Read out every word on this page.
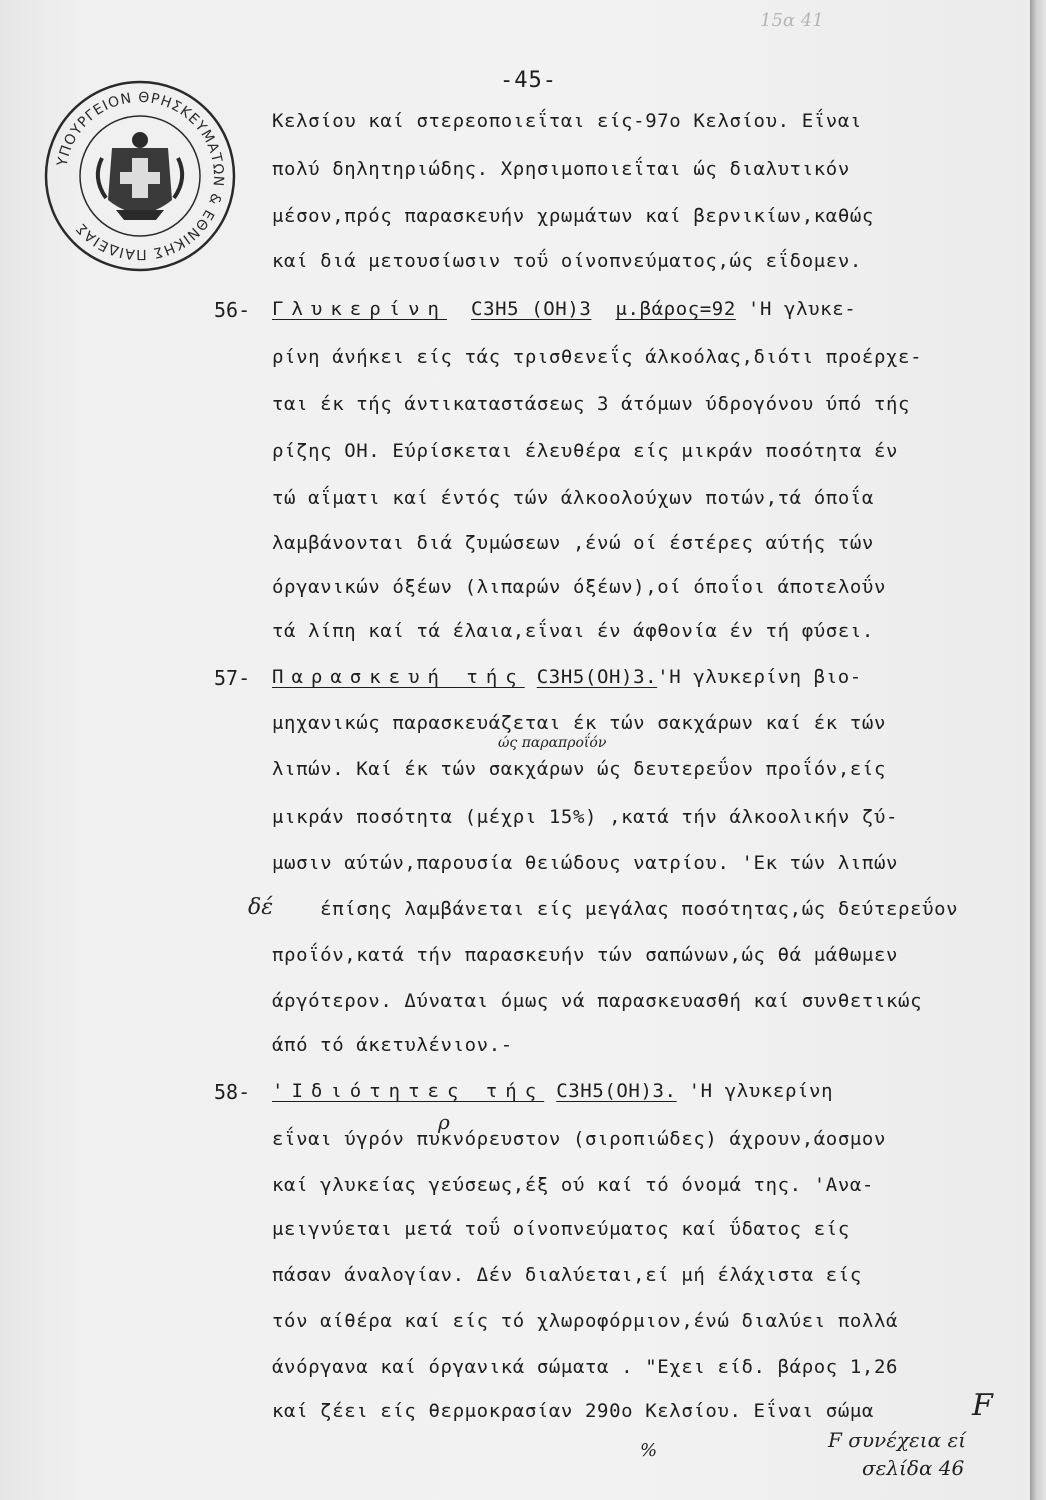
15α 41
-45-
ΥΠΟΥΡΓΕΙΟΝ ΘΡΗΣΚΕΥΜΑΤΩΝ & ΕΘΝΙΚΗΣ ΠΑΙΔΕΙΑΣ
Κελσίου καί στερεοποιεΐται είς-97ο Κελσίου. Εΐναι
πολύ δηλητηριώδης. Χρησιμοποιεΐται ώς διαλυτικόν
μέσον,πρός παρασκευήν χρωμάτων καί βερνικίων,καθώς
καί διά μετουσίωσιν τοΰ οίνοπνεύματος,ώς εΐδομεν.
56- Γλυκερίνη C3H5 (OH)3 μ.βάρος=92 'Η γλυκε-
ρίνη άνήκει είς τάς τρισθενεΐς άλκοόλας,διότι προέρχε-
ται έκ τής άντικαταστάσεως 3 άτόμων ύδρογόνου ύπό τής
ρίζης ΟΗ. Εύρίσκεται έλευθέρα είς μικράν ποσότητα έν
τώ αΐματι καί έντός τών άλκοολούχων ποτών,τά όποΐα
λαμβάνονται διά ζυμώσεων ,ένώ οί έστέρες αύτής τών
όργανικών όξέων (λιπαρών όξέων),οί όποΐοι άποτελοΰν
τά λίπη καί τά έλαια,εΐναι έν άφθονία έν τή φύσει.
57- Παρασκευή τής C3H5(OH)3.'Η γλυκερίνη βιο-
μηχανικώς παρασκευάζεται έκ τών σακχάρων καί έκ τών
ώς παραπροΐόν
λιπών. Καί έκ τών σακχάρων ώς δευτερεΰον προΐόν,είς
μικράν ποσότητα (μέχρι 15%) ,κατά τήν άλκοολικήν ζύ-
μωσιν αύτών,παρουσία θειώδους νατρίου. 'Εκ τών λιπών
δέ
έπίσης λαμβάνεται είς μεγάλας ποσότητας,ώς δεύτερεΰον
προΐόν,κατά τήν παρασκευήν τών σαπώνων,ώς θά μάθωμεν
άργότερον. Δύναται όμως νά παρασκευασθή καί συνθετικώς
άπό τό άκετυλένιον.-
58- 'Ιδιότητες τής C3H5(OH)3. 'Η γλυκερίνη
ρ
εΐναι ύγρόν πυκνόρευστον (σιροπιώδες) άχρουν,άοσμον
καί γλυκείας γεύσεως,έξ ού καί τό όνομά της. 'Ανα-
μειγνύεται μετά τοΰ οίνοπνεύματος καί ΰδατος είς
πάσαν άναλογίαν. Δέν διαλύεται,εί μή έλάχιστα είς
τόν αίθέρα καί είς τό χλωροφόρμιον,ένώ διαλύει πολλά
άνόργανα καί όργανικά σώματα . "Εχει είδ. βάρος 1,26
καί ζέει είς θερμοκρασίαν 290ο Κελσίου. Εΐναι σώμα	F
%	F συνέχεια εί
σελίδα 46
